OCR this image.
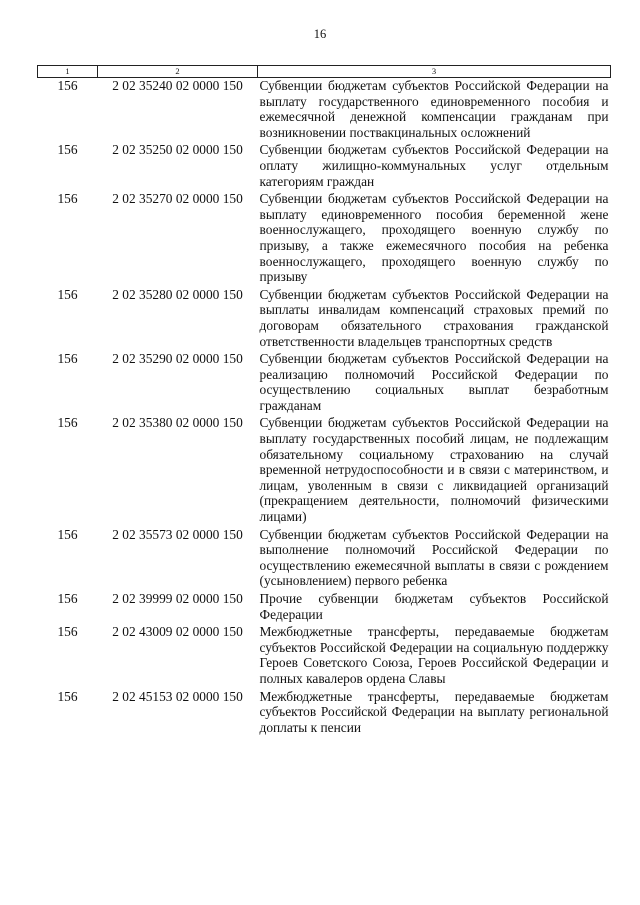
16
1	2	3
156	2 02 35240 02 0000 150	Субвенции бюджетам субъектов Российской Федерации на выплату государственного единовременного пособия и ежемесячной денежной компенсации гражданам при возникновении поствакцинальных осложнений
156	2 02 35250 02 0000 150	Субвенции бюджетам субъектов Российской Федерации на оплату жилищно-коммунальных услуг отдельным категориям граждан
156	2 02 35270 02 0000 150	Субвенции бюджетам субъектов Российской Федерации на выплату единовременного пособия беременной жене военнослужащего, проходящего военную службу по призыву, а также ежемесячного пособия на ребенка военнослужащего, проходящего военную службу по призыву
156	2 02 35280 02 0000 150	Субвенции бюджетам субъектов Российской Федерации на выплаты инвалидам компенсаций страховых премий по договорам обязательного страхования гражданской ответственности владельцев транспортных средств
156	2 02 35290 02 0000 150	Субвенции бюджетам субъектов Российской Федерации на реализацию полномочий Российской Федерации по осуществлению социальных выплат безработным гражданам
156	2 02 35380 02 0000 150	Субвенции бюджетам субъектов Российской Федерации на выплату государственных пособий лицам, не подлежащим обязательному социальному страхованию на случай временной нетрудоспособности и в связи с материнством, и лицам, уволенным в связи с ликвидацией организаций (прекращением деятельности, полномочий физическими лицами)
156	2 02 35573 02 0000 150	Субвенции бюджетам субъектов Российской Федерации на выполнение полномочий Российской Федерации по осуществлению ежемесячной выплаты в связи с рождением (усыновлением) первого ребенка
156	2 02 39999 02 0000 150	Прочие субвенции бюджетам субъектов Российской Федерации
156	2 02 43009 02 0000 150	Межбюджетные трансферты, передаваемые бюджетам субъектов Российской Федерации на социальную поддержку Героев Советского Союза, Героев Российской Федерации и полных кавалеров ордена Славы
156	2 02 45153 02 0000 150	Межбюджетные трансферты, передаваемые бюджетам субъектов Российской Федерации на выплату региональной доплаты к пенсии
